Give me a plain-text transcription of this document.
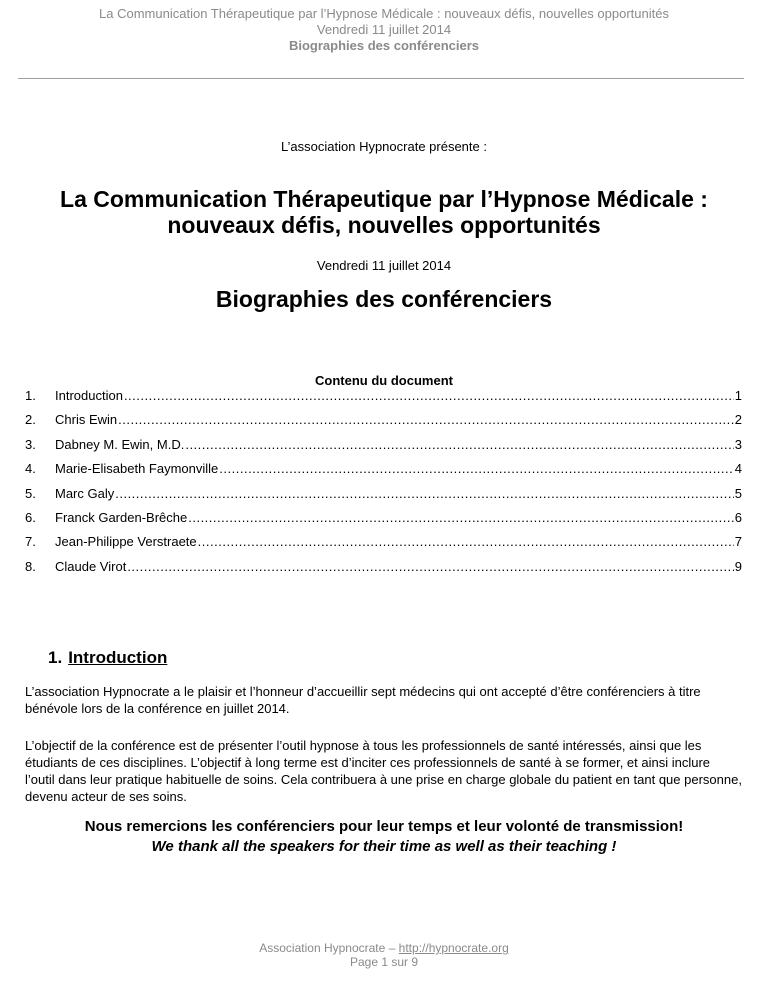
La Communication Thérapeutique par l’Hypnose Médicale : nouveaux défis, nouvelles opportunités
Vendredi 11 juillet 2014
Biographies des conférenciers
L’association Hypnocrate présente :
La Communication Thérapeutique par l’Hypnose Médicale :
nouveaux défis, nouvelles opportunités
Vendredi 11 juillet 2014
Biographies des conférenciers
Contenu du document
1.	Introduction .....	1
2.	Chris Ewin .....	2
3.	Dabney M. Ewin, M.D. .....	3
4.	Marie-Elisabeth Faymonville .....	4
5.	Marc Galy .....	5
6.	Franck Garden-Brêche .....	6
7.	Jean-Philippe Verstraete .....	7
8.	Claude Virot .....	9
1. Introduction
L’association Hypnocrate a le plaisir et l’honneur d’accueillir sept médecins qui ont accepté d’être conférenciers à titre bénévole lors de la conférence en juillet 2014.
L’objectif de la conférence est de présenter l’outil hypnose à tous les professionnels de santé intéressés, ainsi que les étudiants de ces disciplines. L’objectif à long terme est d’inciter ces professionnels de santé à se former, et ainsi inclure l’outil dans leur pratique habituelle de soins. Cela contribuera à une prise en charge globale du patient en tant que personne, devenu acteur de ses soins.
Nous remercions les conférenciers pour leur temps et leur volonté de transmission!
We thank all the speakers for their time as well as their teaching !
Association Hypnocrate – http://hypnocrate.org
Page 1 sur 9
